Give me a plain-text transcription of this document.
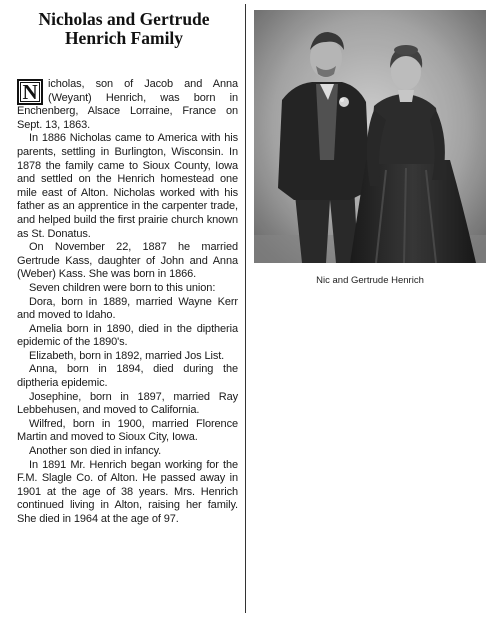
Nicholas and Gertrude
Henrich Family

N icholas, son of Jacob and Anna (Weyant) Henrich, was born in Enchenberg, Alsace Lorraine, France on Sept. 13, 1863.

In 1886 Nicholas came to America with his parents, settling in Burlington, Wisconsin. In 1878 the family came to Sioux County, Iowa and settled on the Henrich homestead one mile east of Alton. Nicholas worked with his father as an apprentice in the carpenter trade, and helped build the first prairie church known as St. Donatus.

On November 22, 1887 he married Gertrude Kass, daughter of John and Anna (Weber) Kass. She was born in 1866.

Seven children were born to this union:

Dora, born in 1889, married Wayne Kerr and moved to Idaho.

Amelia born in 1890, died in the diptheria epidemic of the 1890's.

Elizabeth, born in 1892, married Jos List.

Anna, born in 1894, died during the diptheria epidemic.

Josephine, born in 1897, married Ray Lebbehusen, and moved to California.

Wilfred, born in 1900, married Florence Martin and moved to Sioux City, Iowa.

Another son died in infancy.

In 1891 Mr. Henrich began working for the F.M. Slagle Co. of Alton. He passed away in 1901 at the age of 38 years. Mrs. Henrich continued living in Alton, raising her family. She died in 1964 at the age of 97.

Nic and Gertrude Henrich
